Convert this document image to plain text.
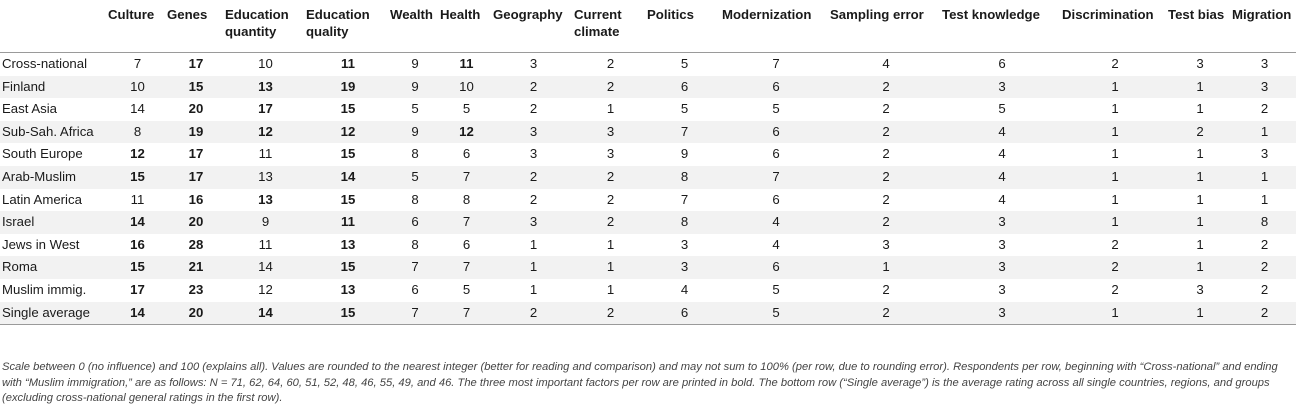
	Culture	Genes	Education quantity	Education quality	Wealth	Health	Geography	Current climate	Politics	Modernization	Sampling error	Test knowledge	Discrimination	Test bias	Migration
Cross-national	7	17	10	11	9	11	3	2	5	7	4	6	2	3	3
Finland	10	15	13	19	9	10	2	2	6	6	2	3	1	1	3
East Asia	14	20	17	15	5	5	2	1	5	5	2	5	1	1	2
Sub-Sah. Africa	8	19	12	12	9	12	3	3	7	6	2	4	1	2	1
South Europe	12	17	11	15	8	6	3	3	9	6	2	4	1	1	3
Arab-Muslim	15	17	13	14	5	7	2	2	8	7	2	4	1	1	1
Latin America	11	16	13	15	8	8	2	2	7	6	2	4	1	1	1
Israel	14	20	9	11	6	7	3	2	8	4	2	3	1	1	8
Jews in West	16	28	11	13	8	6	1	1	3	4	3	3	2	1	2
Roma	15	21	14	15	7	7	1	1	3	6	1	3	2	1	2
Muslim immig.	17	23	12	13	6	5	1	1	4	5	2	3	2	3	2
Single average	14	20	14	15	7	7	2	2	6	5	2	3	1	1	2
Scale between 0 (no influence) and 100 (explains all). Values are rounded to the nearest integer (better for reading and comparison) and may not sum to 100% (per row, due to rounding error). Respondents per row, beginning with “Cross-national” and ending with “Muslim immigration,” are as follows: N = 71, 62, 64, 60, 51, 52, 48, 46, 55, 49, and 46. The three most important factors per row are printed in bold. The bottom row (“Single average”) is the average rating across all single countries, regions, and groups (excluding cross-national general ratings in the first row).
